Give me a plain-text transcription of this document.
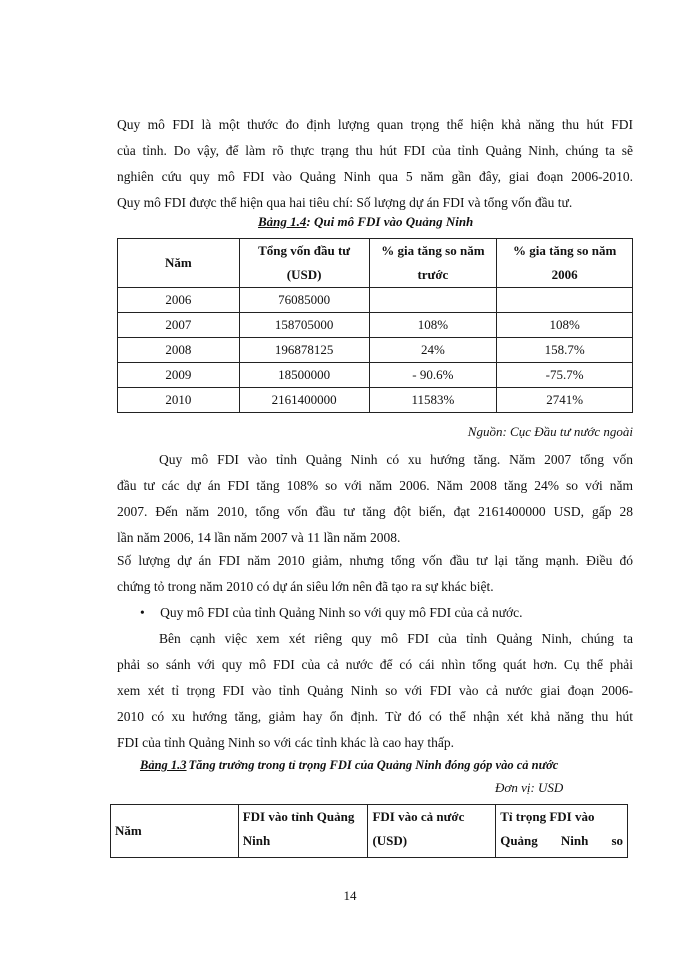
Quy mô FDI là một thước đo định lượng quan trọng thể hiện khả năng thu hút FDI
của tỉnh. Do vậy, để làm rõ thực trạng thu hút FDI của tỉnh Quảng Ninh, chúng ta sẽ
nghiên cứu quy mô FDI vào Quảng Ninh qua 5 năm gần đây, giai đoạn 2006-2010.
Quy mô FDI được thể hiện qua hai tiêu chí: Số lượng dự án FDI và tổng vốn đầu tư.
Bảng 1.4: Qui mô FDI vào Quảng Ninh
Năm	Tổng vốn đầu tư (USD)	% gia tăng so năm trước	% gia tăng so năm 2006
2006	76085000		
2007	158705000	108%	108%
2008	196878125	24%	158.7%
2009	18500000	- 90.6%	-75.7%
2010	2161400000	11583%	2741%
Nguồn: Cục Đầu tư nước ngoài
Quy mô FDI vào tỉnh Quảng Ninh có xu hướng tăng. Năm 2007 tổng vốn
đầu tư các dự án FDI tăng 108% so với năm 2006. Năm 2008 tăng 24% so với năm
2007. Đến năm 2010, tổng vốn đầu tư tăng đột biến, đạt 2161400000 USD, gấp 28
lần năm 2006, 14 lần năm 2007 và 11 lần năm 2008.
Số lượng dự án FDI năm 2010 giảm, nhưng tổng vốn đầu tư lại tăng mạnh. Điều đó
chứng tỏ trong năm 2010 có dự án siêu lớn nên đã tạo ra sự khác biệt.
• Quy mô FDI của tỉnh Quảng Ninh so với quy mô FDI của cả nước.
Bên cạnh việc xem xét riêng quy mô FDI của tỉnh Quảng Ninh, chúng ta
phải so sánh với quy mô FDI của cả nước để có cái nhìn tổng quát hơn. Cụ thể phải
xem xét tỉ trọng FDI vào tỉnh Quảng Ninh so với FDI vào cả nước giai đoạn 2006-
2010 có xu hướng tăng, giảm hay ổn định. Từ đó có thể nhận xét khả năng thu hút
FDI của tỉnh Quảng Ninh so với các tỉnh khác là cao hay thấp.
Bảng 1.3 Tăng trưởng trong tỉ trọng FDI của Quảng Ninh đóng góp vào cả nước
Đơn vị: USD
Năm	FDI vào tỉnh Quảng Ninh	FDI vào cả nước (USD)	Tỉ trọng FDI vào Quảng Ninh so
14
